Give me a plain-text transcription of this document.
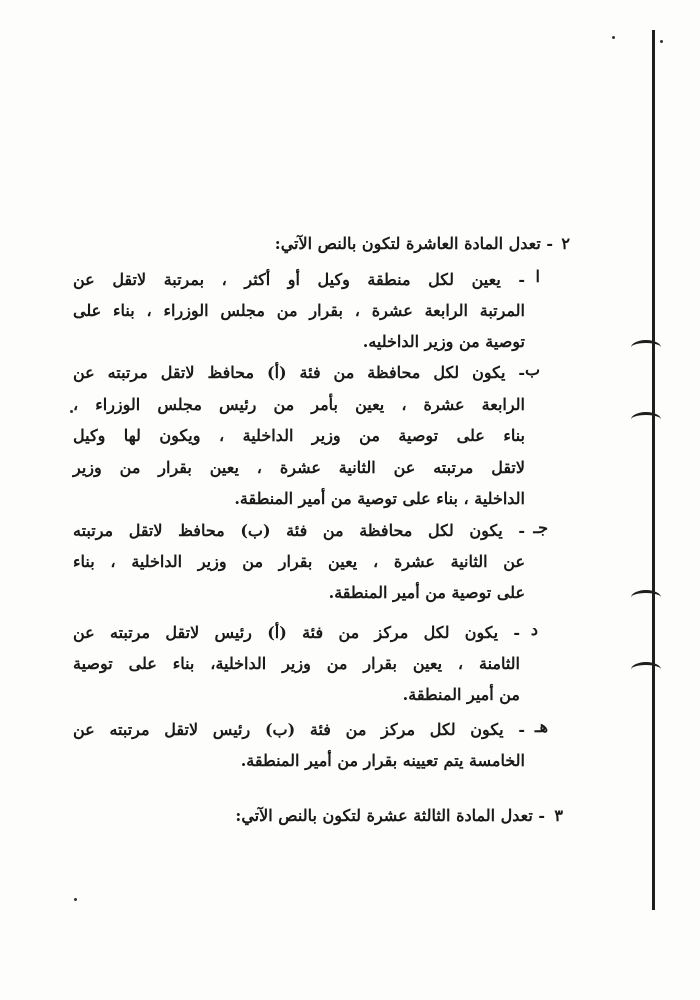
٢
- تعدل المادة العاشرة لتكون بالنص الآتي:
ا
- يعين لكل منطقة وكيل أو أكثر ، بمرتبة لاتقل عن
المرتبة الرابعة عشرة ، بقرار من مجلس الوزراء ، بناء على
توصية من وزير الداخليه.
ب
- يكون لكل محافظة من فئة (أ) محافظ لاتقل مرتبته عن
الرابعة عشرة ، يعين بأمر من رئيس مجلس الوزراء ،
بناء على توصية من وزير الداخلية ، ويكون لها وكيل
لاتقل مرتبته عن الثانية عشرة ، يعين بقرار من وزير
الداخلية ، بناء على توصية من أمير المنطقة.
جـ
- يكون لكل محافظة من فئة (ب) محافظ لاتقل مرتبته
عن الثانية عشرة ، يعين بقرار من وزير الداخلية ، بناء
على توصية من أمير المنطقة.
د
- يكون لكل مركز من فئة (أ) رئيس لاتقل مرتبته عن
الثامنة ، يعين بقرار من وزير الداخلية، بناء على توصية
من أمير المنطقة.
هـ
- يكون لكل مركز من فئة (ب) رئيس لاتقل مرتبته عن
الخامسة يتم تعيينه بقرار من أمير المنطقة.
٣
- تعدل المادة الثالثة عشرة لتكون بالنص الآتي:
